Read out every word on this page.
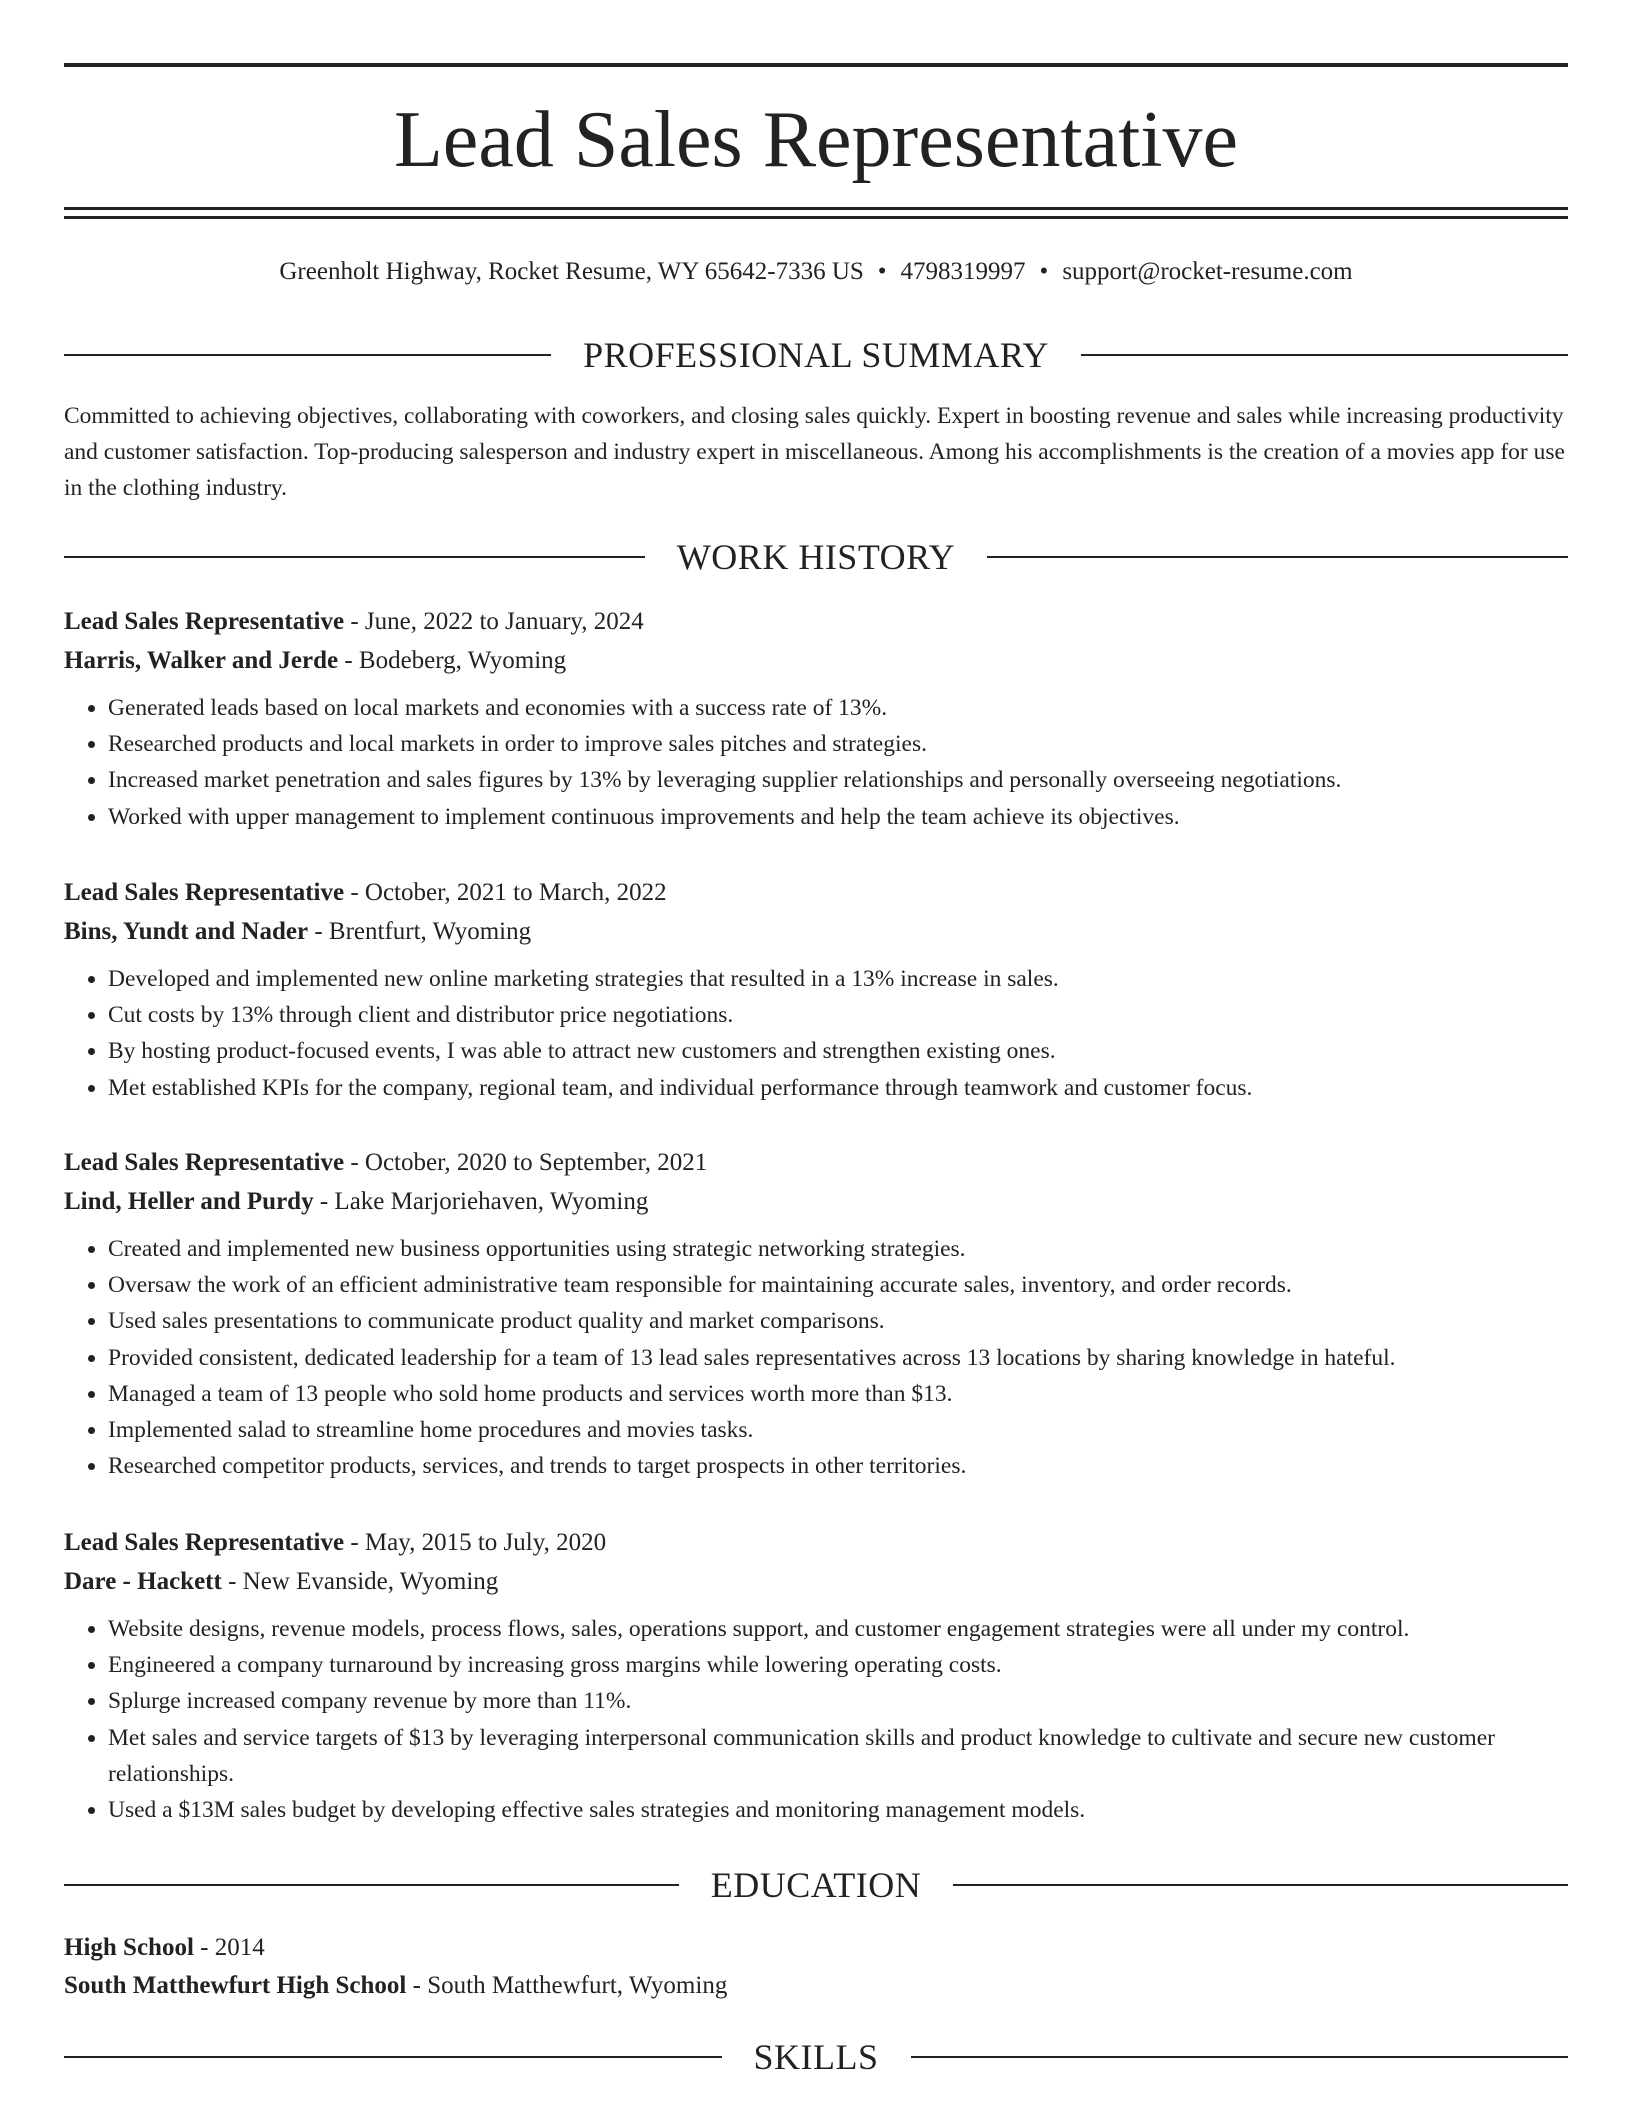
Lead Sales Representative
Greenholt Highway, Rocket Resume, WY 65642-7336 US • 4798319997 • support@rocket-resume.com
PROFESSIONAL SUMMARY

Committed to achieving objectives, collaborating with coworkers, and closing sales quickly. Expert in boosting revenue and sales while increasing productivity and customer satisfaction. Top-producing salesperson and industry expert in miscellaneous. Among his accomplishments is the creation of a movies app for use in the clothing industry.

WORK HISTORY
Lead Sales Representative - June, 2022 to January, 2024
Harris, Walker and Jerde - Bodeberg, Wyoming
• Generated leads based on local markets and economies with a success rate of 13%.
• Researched products and local markets in order to improve sales pitches and strategies.
• Increased market penetration and sales figures by 13% by leveraging supplier relationships and personally overseeing negotiations.
• Worked with upper management to implement continuous improvements and help the team achieve its objectives.
Lead Sales Representative - October, 2021 to March, 2022
Bins, Yundt and Nader - Brentfurt, Wyoming
• Developed and implemented new online marketing strategies that resulted in a 13% increase in sales.
• Cut costs by 13% through client and distributor price negotiations.
• By hosting product-focused events, I was able to attract new customers and strengthen existing ones.
• Met established KPIs for the company, regional team, and individual performance through teamwork and customer focus.
Lead Sales Representative - October, 2020 to September, 2021
Lind, Heller and Purdy - Lake Marjoriehaven, Wyoming
• Created and implemented new business opportunities using strategic networking strategies.
• Oversaw the work of an efficient administrative team responsible for maintaining accurate sales, inventory, and order records.
• Used sales presentations to communicate product quality and market comparisons.
• Provided consistent, dedicated leadership for a team of 13 lead sales representatives across 13 locations by sharing knowledge in hateful.
• Managed a team of 13 people who sold home products and services worth more than $13.
• Implemented salad to streamline home procedures and movies tasks.
• Researched competitor products, services, and trends to target prospects in other territories.
Lead Sales Representative - May, 2015 to July, 2020
Dare - Hackett - New Evanside, Wyoming
• Website designs, revenue models, process flows, sales, operations support, and customer engagement strategies were all under my control.
• Engineered a company turnaround by increasing gross margins while lowering operating costs.
• Splurge increased company revenue by more than 11%.
• Met sales and service targets of $13 by leveraging interpersonal communication skills and product knowledge to cultivate and secure new customer relationships.
• Used a $13M sales budget by developing effective sales strategies and monitoring management models.
EDUCATION
High School - 2014
South Matthewfurt High School - South Matthewfurt, Wyoming
SKILLS
